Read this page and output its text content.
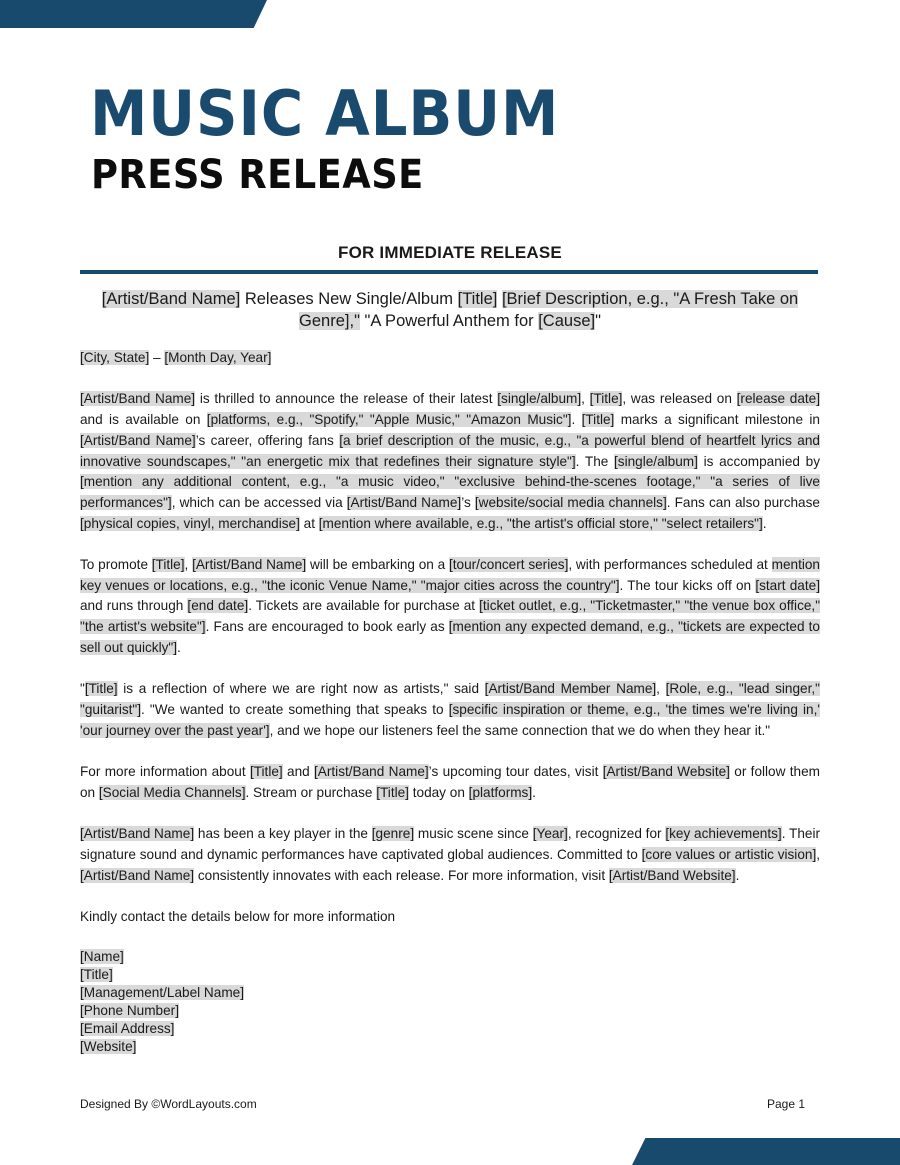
MUSIC ALBUM
PRESS RELEASE
FOR IMMEDIATE RELEASE
[Artist/Band Name] Releases New Single/Album [Title] [Brief Description, e.g., "A Fresh Take on Genre]," "A Powerful Anthem for [Cause]"

[City, State] – [Month Day, Year]

[Artist/Band Name] is thrilled to announce the release of their latest [single/album], [Title], was released on [release date] and is available on [platforms, e.g., "Spotify," "Apple Music," "Amazon Music"]. [Title] marks a significant milestone in [Artist/Band Name]’s career, offering fans [a brief description of the music, e.g., "a powerful blend of heartfelt lyrics and innovative soundscapes," "an energetic mix that redefines their signature style"]. The [single/album] is accompanied by [mention any additional content, e.g., "a music video," "exclusive behind-the-scenes footage," "a series of live performances"], which can be accessed via [Artist/Band Name]’s [website/social media channels]. Fans can also purchase [physical copies, vinyl, merchandise] at [mention where available, e.g., "the artist's official store," "select retailers"].

To promote [Title], [Artist/Band Name] will be embarking on a [tour/concert series], with performances scheduled at mention key venues or locations, e.g., "the iconic Venue Name," "major cities across the country"]. The tour kicks off on [start date] and runs through [end date]. Tickets are available for purchase at [ticket outlet, e.g., "Ticketmaster," "the venue box office," "the artist's website"]. Fans are encouraged to book early as [mention any expected demand, e.g., "tickets are expected to sell out quickly"].

"[Title] is a reflection of where we are right now as artists," said [Artist/Band Member Name], [Role, e.g., "lead singer," "guitarist"]. "We wanted to create something that speaks to [specific inspiration or theme, e.g., 'the times we're living in,' 'our journey over the past year'], and we hope our listeners feel the same connection that we do when they hear it."

For more information about [Title] and [Artist/Band Name]’s upcoming tour dates, visit [Artist/Band Website] or follow them on [Social Media Channels]. Stream or purchase [Title] today on [platforms].

[Artist/Band Name] has been a key player in the [genre] music scene since [Year], recognized for [key achievements]. Their signature sound and dynamic performances have captivated global audiences. Committed to [core values or artistic vision], [Artist/Band Name] consistently innovates with each release. For more information, visit [Artist/Band Website].

Kindly contact the details below for more information

[Name]
[Title]
[Management/Label Name]
[Phone Number]
[Email Address]
[Website]
Designed By ©WordLayouts.com	Page 1
